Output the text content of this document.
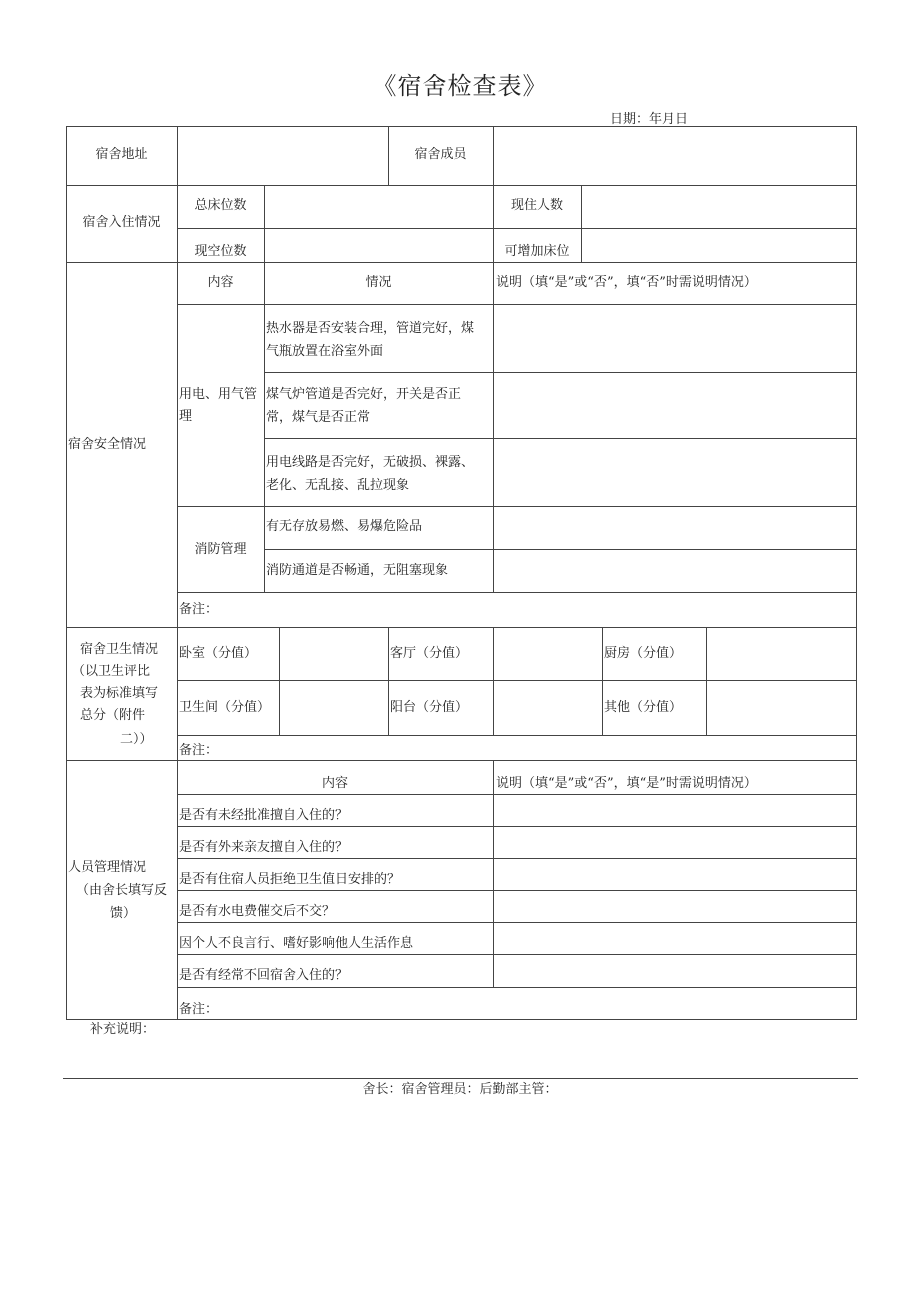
《宿舍检查表》
日期：年月日
宿舍地址	宿舍成员
宿舍入住情况
总床位数	现住人数
现空位数	可增加床位
宿舍安全情况
内容	情况	说明（填“是”或“否”，填“否”时需说明情况）
用电、用气管
理
热水器是否安装合理，管道完好，煤
气瓶放置在浴室外面
煤气炉管道是否完好，开关是否正
常，煤气是否正常
用电线路是否完好，无破损、裸露、
老化、无乱接、乱拉现象
消防管理
有无存放易燃、易爆危险品
消防通道是否畅通，无阻塞现象
备注：
宿舍卫生情况
（以卫生评比
表为标准填写
总分（附件
二））
卧室（分值）	客厅（分值）	厨房（分值）
卫生间（分值）	阳台（分值）	其他（分值）
备注：
人员管理情况
（由舍长填写反
馈）
内容	说明（填“是”或“否”，填“是”时需说明情况）
是否有未经批准擅自入住的？
是否有外来亲友擅自入住的？
是否有住宿人员拒绝卫生值日安排的？
是否有水电费催交后不交？
因个人不良言行、嗜好影响他人生活作息
是否有经常不回宿舍入住的？
备注：
补充说明：
舍长：宿舍管理员：后勤部主管：
